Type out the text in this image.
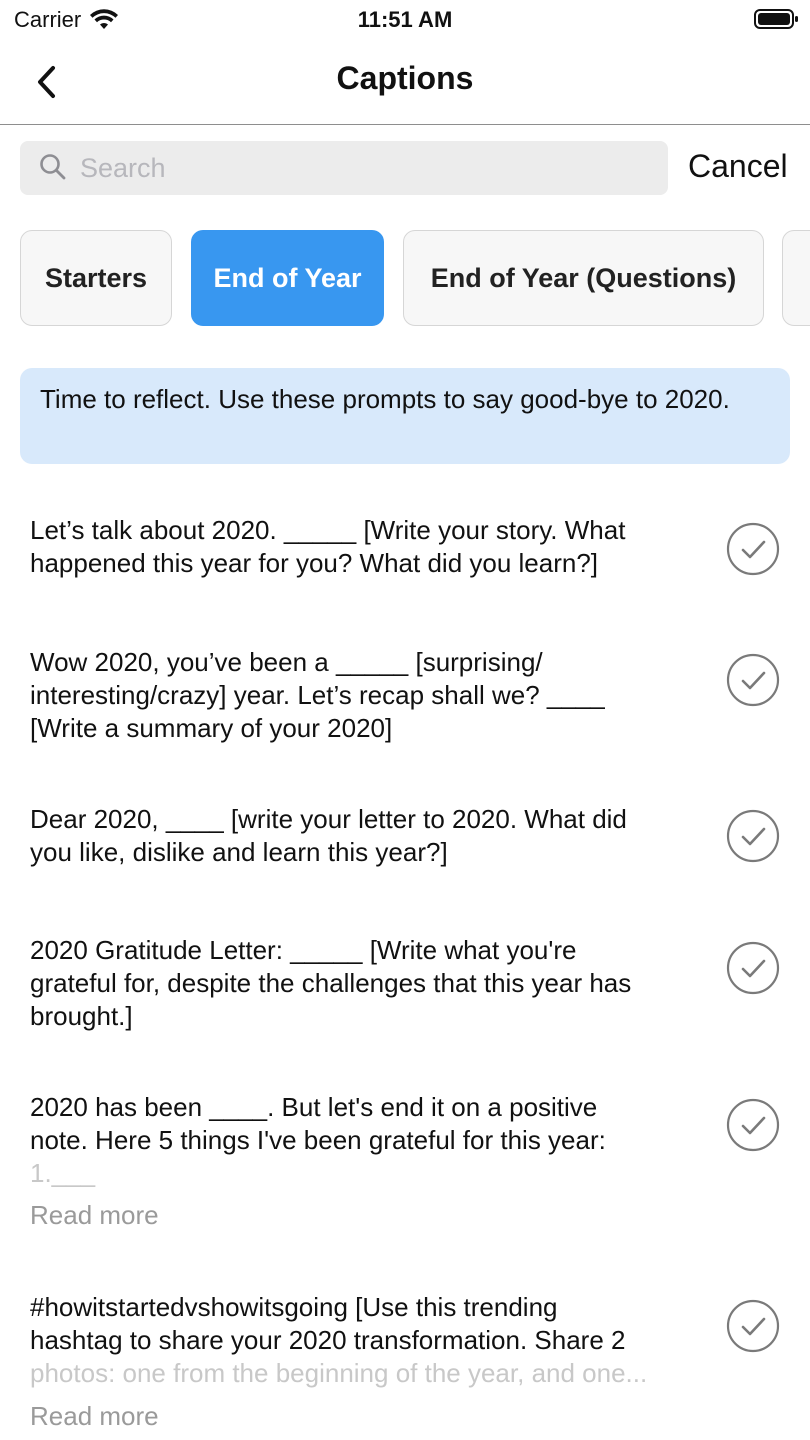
Carrier	11:51 AM
Captions
Search
Cancel
Starters	End of Year	End of Year (Questions)
Time to reflect. Use these prompts to say good-bye to 2020.

Let’s talk about 2020. _____ [Write your story. What
happened this year for you? What did you learn?]

Wow 2020, you’ve been a _____ [surprising/
interesting/crazy] year. Let’s recap shall we? ____
[Write a summary of your 2020]

Dear 2020, ____ [write your letter to 2020. What did
you like, dislike and learn this year?]

2020 Gratitude Letter: _____ [Write what you're
grateful for, despite the challenges that this year has
brought.]

2020 has been ____. But let's end it on a positive
note. Here 5 things I've been grateful for this year:
1.___

Read more

#howitstartedvshowitsgoing [Use this trending
hashtag to share your 2020 transformation. Share 2
photos: one from the beginning of the year, and one...

Read more
